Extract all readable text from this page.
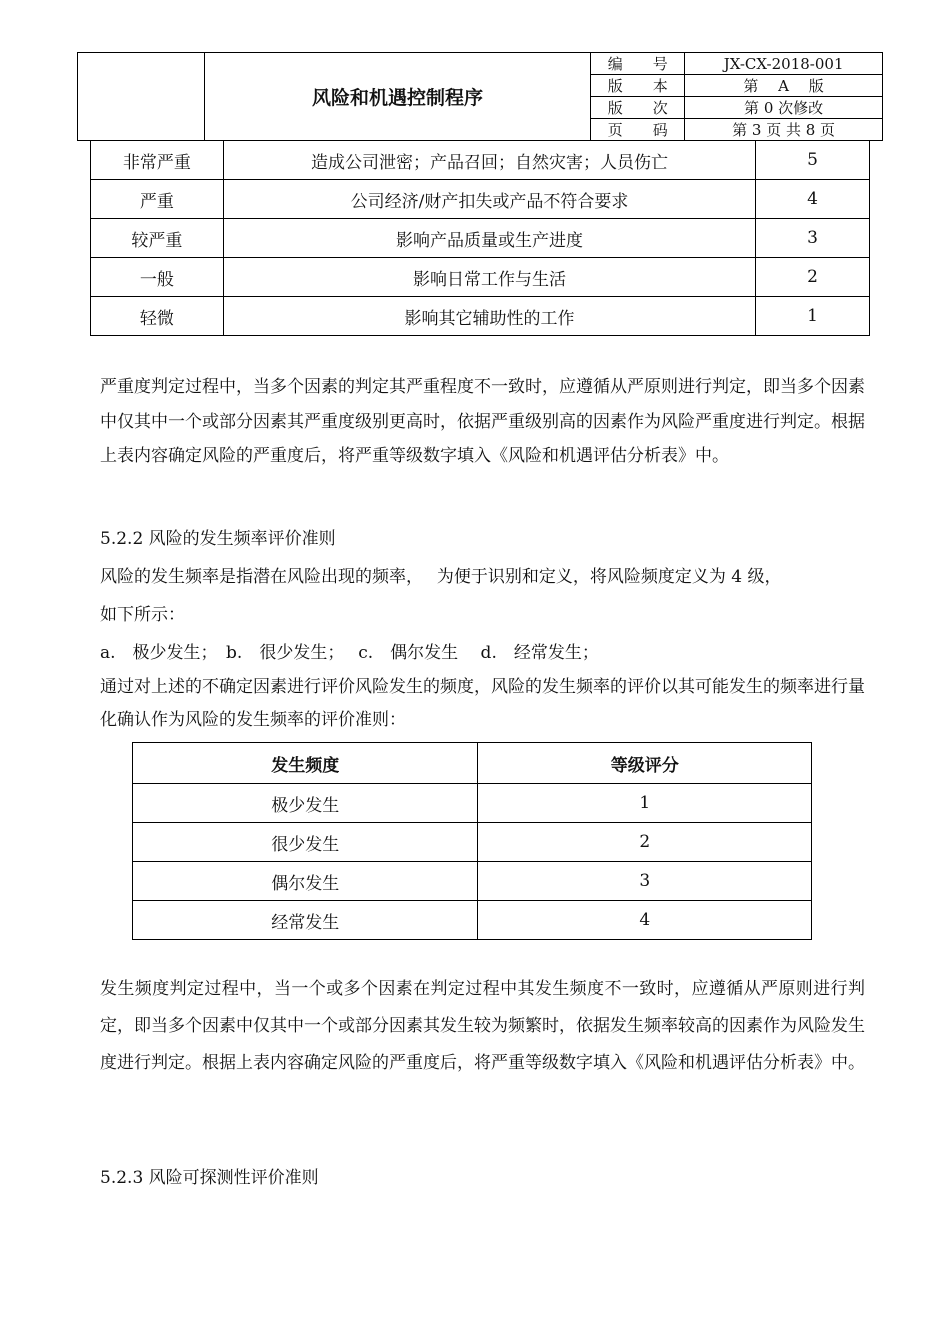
	风险和机遇控制程序	编　　号	JX-CX-2018-001
		版　　本	第　 A　 版
		版　　次	第 0 次修改
		页　　码	第 3 页 共 8 页
非常严重	造成公司泄密；产品召回；自然灾害；人员伤亡	5
严重	公司经济/财产扣失或产品不符合要求	4
较严重	影响产品质量或生产进度	3
一般	影响日常工作与生活	2
轻微	影响其它辅助性的工作	1

严重度判定过程中，当多个因素的判定其严重程度不一致时，应遵循从严原则进行判定，即当多个因素中仅其中一个或部分因素其严重度级别更高时，依据严重级别高的因素作为风险严重度进行判定。根据上表内容确定风险的严重度后，将严重等级数字填入《风险和机遇评估分析表》中。

5.2.2 风险的发生频率评价准则

风险的发生频率是指潜在风险出现的频率，　 为便于识别和定义，将风险频度定义为 4 级，

如下所示：

a.　极少发生；　b.　很少发生；　 c.　偶尔发生　 d.　经常发生；

通过对上述的不确定因素进行评价风险发生的频度，风险的发生频率的评价以其可能发生的频率进行量化确认作为风险的发生频率的评价准则：

发生频度	等级评分
极少发生	1
很少发生	2
偶尔发生	3
经常发生	4

发生频度判定过程中，当一个或多个因素在判定过程中其发生频度不一致时，应遵循从严原则进行判定，即当多个因素中仅其中一个或部分因素其发生较为频繁时，依据发生频率较高的因素作为风险发生度进行判定。根据上表内容确定风险的严重度后，将严重等级数字填入《风险和机遇评估分析表》中。

5.2.3 风险可探测性评价准则
